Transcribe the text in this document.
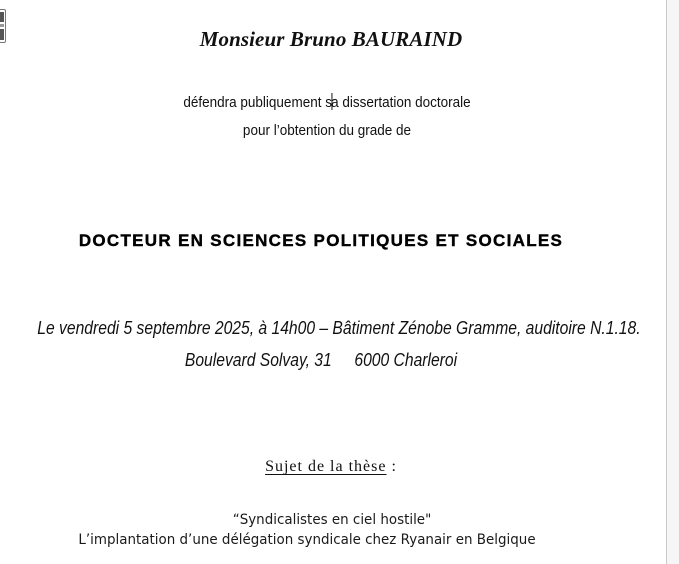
Monsieur Bruno BAURAIND
défendra publiquement sa dissertation doctorale
pour l’obtention du grade de
DOCTEUR EN SCIENCES POLITIQUES ET SOCIALES
Le vendredi 5 septembre 2025, à 14h00 – Bâtiment Zénobe Gramme, auditoire N.1.18.
Boulevard Solvay, 31 6000 Charleroi
Sujet de la thèse :
“Syndicalistes en ciel hostile"
L’implantation d’une délégation syndicale chez Ryanair en Belgique
